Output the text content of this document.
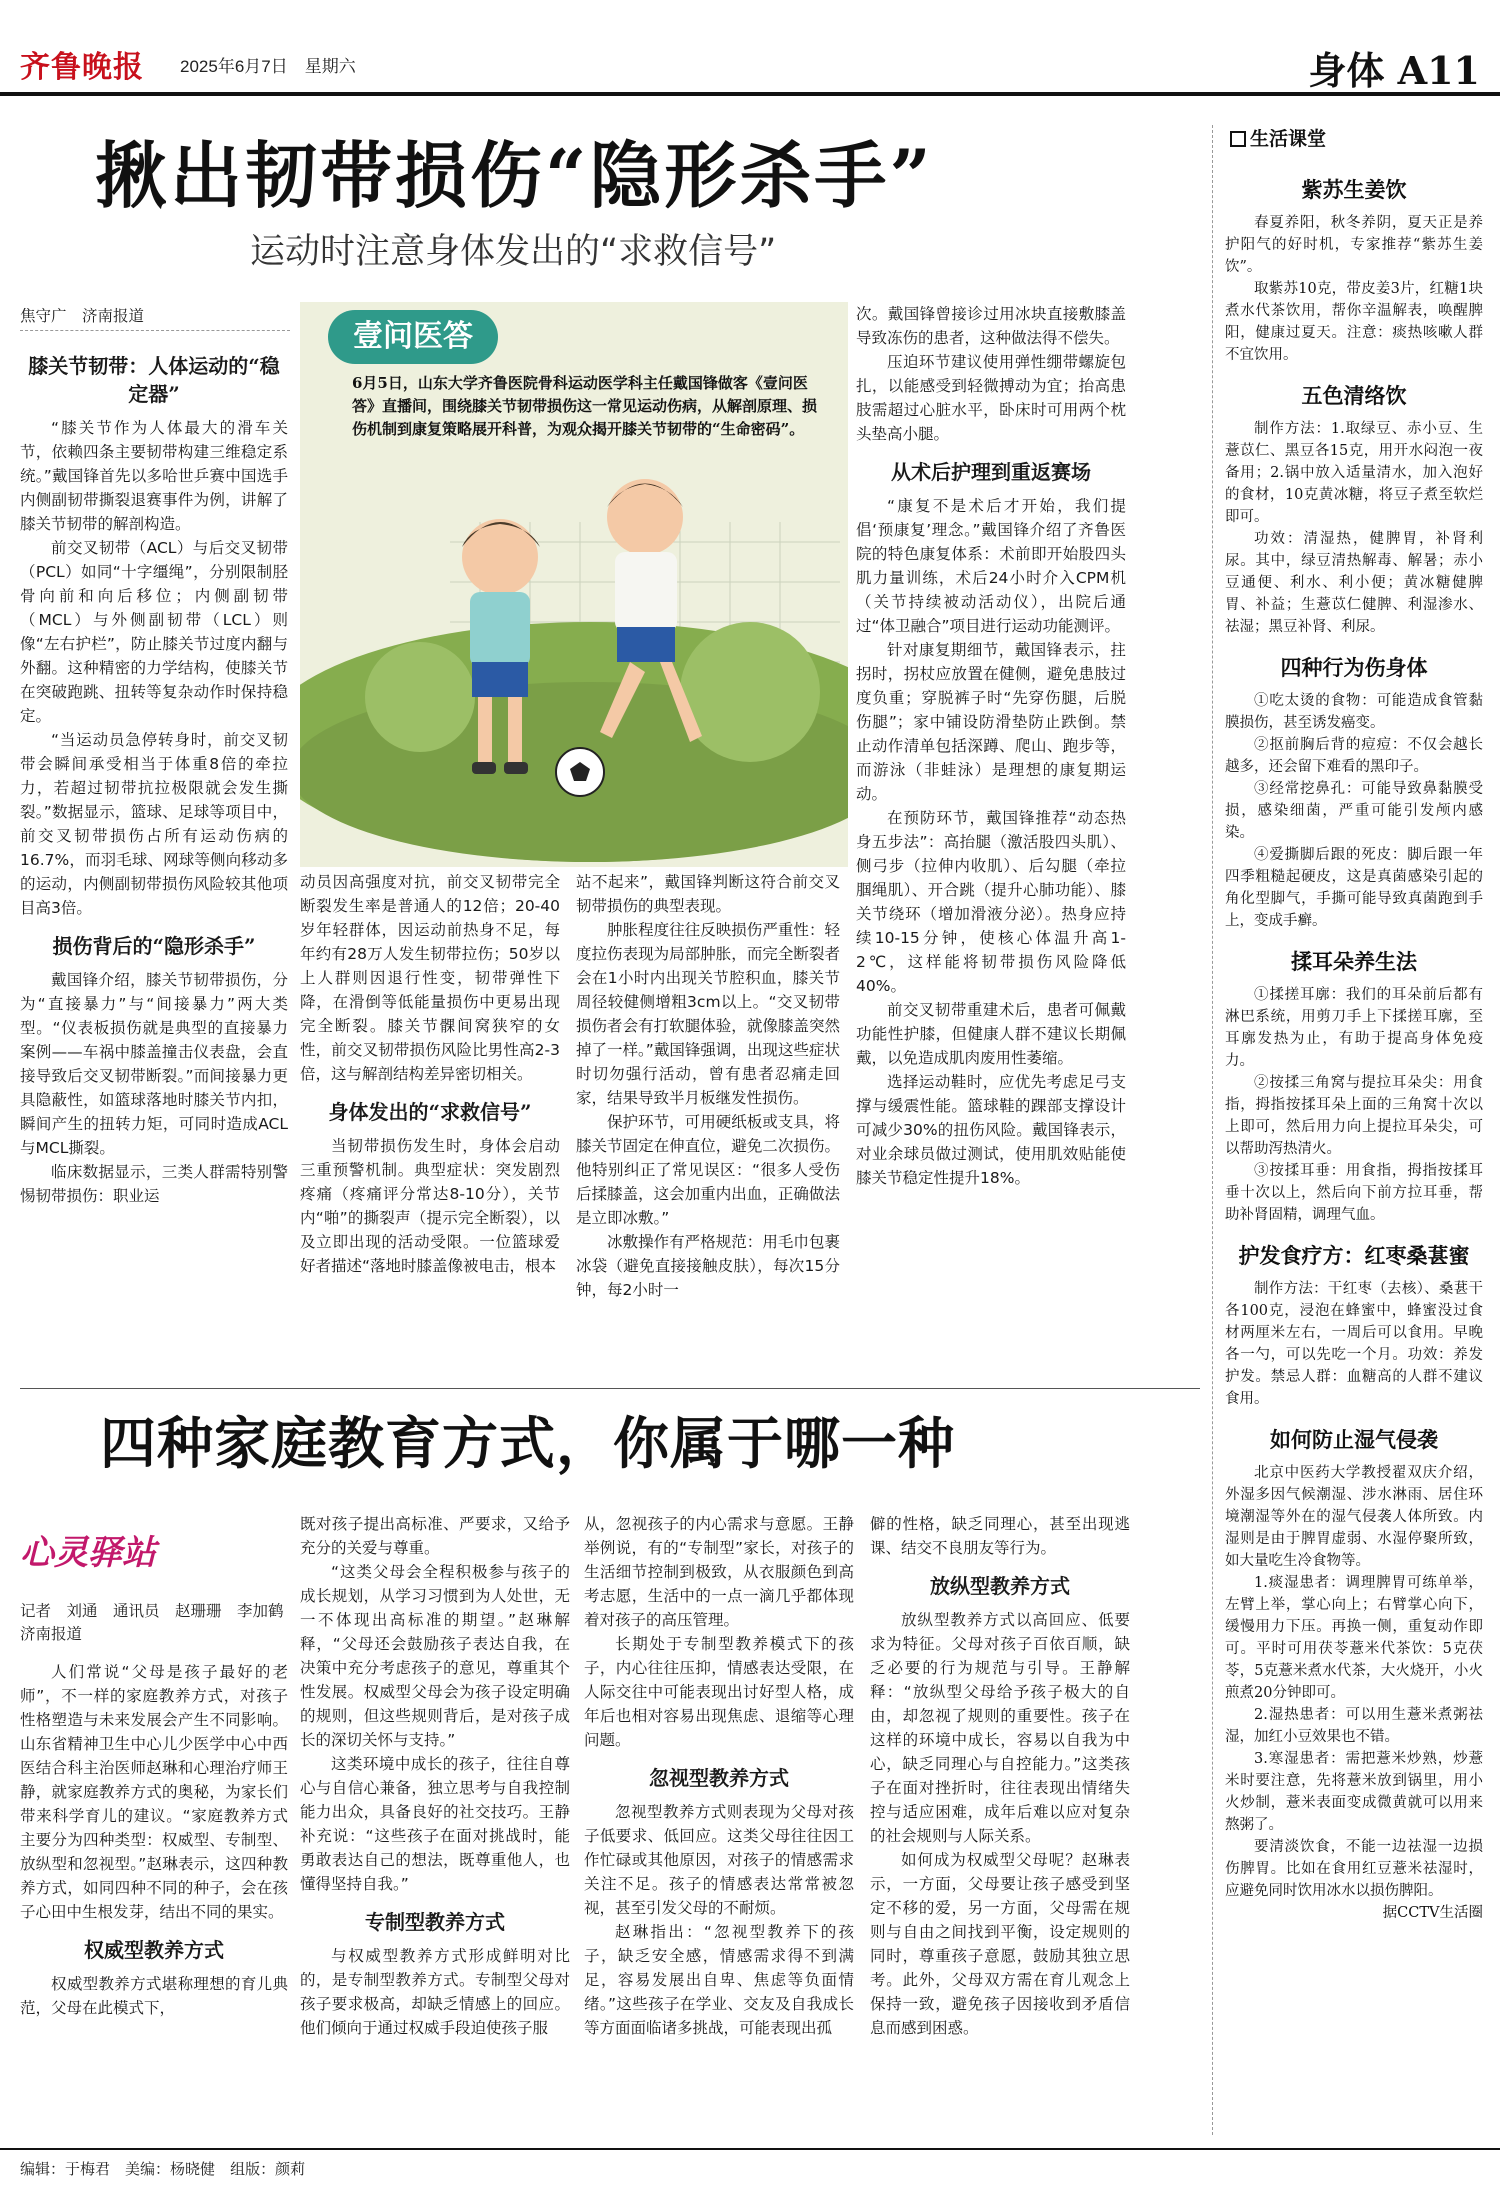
齐鲁晚报 2025年6月7日　 星期六	身体 A11
揪出韧带损伤“隐形杀手”
运动时注意身体发出的“求救信号”
焦守广　济南报道
膝关节韧带：人体运动的“稳定器”

“膝关节作为人体最大的滑车关节，依赖四条主要韧带构建三维稳定系统。”戴国锋首先以多哈世乒赛中国选手内侧副韧带撕裂退赛事件为例，讲解了膝关节韧带的解剖构造。

前交叉韧带（ACL）与后交叉韧带（PCL）如同“十字缰绳”，分别限制胫骨向前和向后移位；内侧副韧带（MCL）与外侧副韧带（LCL）则像“左右护栏”，防止膝关节过度内翻与外翻。这种精密的力学结构，使膝关节在突破跑跳、扭转等复杂动作时保持稳定。

“当运动员急停转身时，前交叉韧带会瞬间承受相当于体重8倍的牵拉力，若超过韧带抗拉极限就会发生撕裂。”数据显示，篮球、足球等项目中，前交叉韧带损伤占所有运动伤病的16.7%，而羽毛球、网球等侧向移动多的运动，内侧副韧带损伤风险较其他项目高3倍。

损伤背后的“隐形杀手”

戴国锋介绍，膝关节韧带损伤，分为“直接暴力”与“间接暴力”两大类型。“仪表板损伤就是典型的直接暴力案例——车祸中膝盖撞击仪表盘，会直接导致后交叉韧带断裂。”而间接暴力更具隐蔽性，如篮球落地时膝关节内扣，瞬间产生的扭转力矩，可同时造成ACL与MCL撕裂。

临床数据显示，三类人群需特别警惕韧带损伤：职业运

壹问医答
6月5日，山东大学齐鲁医院骨科运动医学科主任戴国锋做客《壹问医答》直播间，围绕膝关节韧带损伤这一常见运动伤病，从解剖原理、损伤机制到康复策略展开科普，为观众揭开膝关节韧带的“生命密码”。

动员因高强度对抗，前交叉韧带完全断裂发生率是普通人的12倍；20-40岁年轻群体，因运动前热身不足，每年约有28万人发生韧带拉伤；50岁以上人群则因退行性变，韧带弹性下降，在滑倒等低能量损伤中更易出现完全断裂。膝关节髁间窝狭窄的女性，前交叉韧带损伤风险比男性高2-3倍，这与解剖结构差异密切相关。

身体发出的“求救信号”

当韧带损伤发生时，身体会启动三重预警机制。典型症状：突发剧烈疼痛（疼痛评分常达8-10分），关节内“啪”的撕裂声（提示完全断裂），以及立即出现的活动受限。一位篮球爱好者描述“落地时膝盖像被电击，根本

站不起来”，戴国锋判断这符合前交叉韧带损伤的典型表现。

肿胀程度往往反映损伤严重性：轻度拉伤表现为局部肿胀，而完全断裂者会在1小时内出现关节腔积血，膝关节周径较健侧增粗3cm以上。“交叉韧带损伤者会有打软腿体验，就像膝盖突然掉了一样。”戴国锋强调，出现这些症状时切勿强行活动，曾有患者忍痛走回家，结果导致半月板继发性损伤。

保护环节，可用硬纸板或支具，将膝关节固定在伸直位，避免二次损伤。他特别纠正了常见误区：“很多人受伤后揉膝盖，这会加重内出血，正确做法是立即冰敷。”

冰敷操作有严格规范：用毛巾包裹冰袋（避免直接接触皮肤），每次15分钟，每2小时一

次。戴国锋曾接诊过用冰块直接敷膝盖导致冻伤的患者，这种做法得不偿失。

压迫环节建议使用弹性绷带螺旋包扎，以能感受到轻微搏动为宜；抬高患肢需超过心脏水平，卧床时可用两个枕头垫高小腿。

从术后护理到重返赛场

“康复不是术后才开始，我们提倡‘预康复’理念。”戴国锋介绍了齐鲁医院的特色康复体系：术前即开始股四头肌力量训练，术后24小时介入CPM机（关节持续被动活动仪），出院后通过“体卫融合”项目进行运动功能测评。

针对康复期细节，戴国锋表示，拄拐时，拐杖应放置在健侧，避免患肢过度负重；穿脱裤子时“先穿伤腿，后脱伤腿”；家中铺设防滑垫防止跌倒。禁止动作清单包括深蹲、爬山、跑步等，而游泳（非蛙泳）是理想的康复期运动。

在预防环节，戴国锋推荐“动态热身五步法”：高抬腿（激活股四头肌）、侧弓步（拉伸内收肌）、后勾腿（牵拉腘绳肌）、开合跳（提升心肺功能）、膝关节绕环（增加滑液分泌）。热身应持续10-15分钟，使核心体温升高1-2℃，这样能将韧带损伤风险降低40%。

前交叉韧带重建术后，患者可佩戴功能性护膝，但健康人群不建议长期佩戴，以免造成肌肉废用性萎缩。

选择运动鞋时，应优先考虑足弓支撑与缓震性能。篮球鞋的踝部支撑设计可减少30%的扭伤风险。戴国锋表示，对业余球员做过测试，使用肌效贴能使膝关节稳定性提升18%。

四种家庭教育方式，你属于哪一种
心灵驿站
记者　刘通　通讯员　赵珊珊　李加鹤　济南报道

人们常说“父母是孩子最好的老师”，不一样的家庭教养方式，对孩子性格塑造与未来发展会产生不同影响。山东省精神卫生中心儿少医学中心中西医结合科主治医师赵琳和心理治疗师王静，就家庭教养方式的奥秘，为家长们带来科学育儿的建议。“家庭教养方式主要分为四种类型：权威型、专制型、放纵型和忽视型。”赵琳表示，这四种教养方式，如同四种不同的种子，会在孩子心田中生根发芽，结出不同的果实。

权威型教养方式

权威型教养方式堪称理想的育儿典范，父母在此模式下，

既对孩子提出高标准、严要求，又给予充分的关爱与尊重。

“这类父母会全程积极参与孩子的成长规划，从学习习惯到为人处世，无一不体现出高标准的期望。”赵琳解释，“父母还会鼓励孩子表达自我，在决策中充分考虑孩子的意见，尊重其个性发展。权威型父母会为孩子设定明确的规则，但这些规则背后，是对孩子成长的深切关怀与支持。”

这类环境中成长的孩子，往往自尊心与自信心兼备，独立思考与自我控制能力出众，具备良好的社交技巧。王静补充说：“这些孩子在面对挑战时，能勇敢表达自己的想法，既尊重他人，也懂得坚持自我。”

专制型教养方式

与权威型教养方式形成鲜明对比的，是专制型教养方式。专制型父母对孩子要求极高，却缺乏情感上的回应。他们倾向于通过权威手段迫使孩子服

从，忽视孩子的内心需求与意愿。王静举例说，有的“专制型”家长，对孩子的生活细节控制到极致，从衣服颜色到高考志愿，生活中的一点一滴几乎都体现着对孩子的高压管理。

长期处于专制型教养模式下的孩子，内心往往压抑，情感表达受限，在人际交往中可能表现出讨好型人格，成年后也相对容易出现焦虑、退缩等心理问题。

忽视型教养方式

忽视型教养方式则表现为父母对孩子低要求、低回应。这类父母往往因工作忙碌或其他原因，对孩子的情感需求关注不足。孩子的情感表达常常被忽视，甚至引发父母的不耐烦。

赵琳指出：“忽视型教养下的孩子，缺乏安全感，情感需求得不到满足，容易发展出自卑、焦虑等负面情绪。”这些孩子在学业、交友及自我成长等方面面临诸多挑战，可能表现出孤

僻的性格，缺乏同理心，甚至出现逃课、结交不良朋友等行为。

放纵型教养方式

放纵型教养方式以高回应、低要求为特征。父母对孩子百依百顺，缺乏必要的行为规范与引导。王静解释：“放纵型父母给予孩子极大的自由，却忽视了规则的重要性。孩子在这样的环境中成长，容易以自我为中心，缺乏同理心与自控能力。”这类孩子在面对挫折时，往往表现出情绪失控与适应困难，成年后难以应对复杂的社会规则与人际关系。

如何成为权威型父母呢？赵琳表示，一方面，父母要让孩子感受到坚定不移的爱，另一方面，父母需在规则与自由之间找到平衡，设定规则的同时，尊重孩子意愿，鼓励其独立思考。此外，父母双方需在育儿观念上保持一致，避免孩子因接收到矛盾信息而感到困惑。

生活课堂
紫苏生姜饮

春夏养阳，秋冬养阴，夏天正是养护阳气的好时机，专家推荐“紫苏生姜饮”。

取紫苏10克，带皮姜3片，红糖1块煮水代茶饮用，帮你辛温解表，唤醒脾阳，健康过夏天。注意：痰热咳嗽人群不宜饮用。

五色清络饮

制作方法：1.取绿豆、赤小豆、生薏苡仁、黑豆各15克，用开水闷泡一夜备用；2.锅中放入适量清水，加入泡好的食材，10克黄冰糖，将豆子煮至软烂即可。

功效：清湿热，健脾胃，补肾利尿。其中，绿豆清热解毒、解暑；赤小豆通便、利水、利小便；黄冰糖健脾胃、补益；生薏苡仁健脾、利湿渗水、祛湿；黑豆补肾、利尿。

四种行为伤身体

①吃太烫的食物：可能造成食管黏膜损伤，甚至诱发癌变。

②抠前胸后背的痘痘：不仅会越长越多，还会留下难看的黑印子。

③经常挖鼻孔：可能导致鼻黏膜受损，感染细菌，严重可能引发颅内感染。

④爱撕脚后跟的死皮：脚后跟一年四季粗糙起硬皮，这是真菌感染引起的角化型脚气，手撕可能导致真菌跑到手上，变成手癣。

揉耳朵养生法

①揉搓耳廓：我们的耳朵前后都有淋巴系统，用剪刀手上下揉搓耳廓，至耳廓发热为止，有助于提高身体免疫力。

②按揉三角窝与提拉耳朵尖：用食指，拇指按揉耳朵上面的三角窝十次以上即可，然后用力向上提拉耳朵尖，可以帮助泻热清火。

③按揉耳垂：用食指，拇指按揉耳垂十次以上，然后向下前方拉耳垂，帮助补肾固精，调理气血。

护发食疗方：红枣桑葚蜜

制作方法：干红枣（去核）、桑葚干各100克，浸泡在蜂蜜中，蜂蜜没过食材两厘米左右，一周后可以食用。早晚各一勺，可以先吃一个月。功效：养发护发。禁忌人群：血糖高的人群不建议食用。

如何防止湿气侵袭

北京中医药大学教授翟双庆介绍，外湿多因气候潮湿、涉水淋雨、居住环境潮湿等外在的湿气侵袭人体所致。内湿则是由于脾胃虚弱、水湿停聚所致，如大量吃生冷食物等。

1.痰湿患者：调理脾胃可练单举，左臂上举，掌心向上；右臂掌心向下，缓慢用力下压。再换一侧，重复动作即可。平时可用茯苓薏米代茶饮：5克茯苓，5克薏米煮水代茶，大火烧开，小火煎煮20分钟即可。

2.湿热患者：可以用生薏米煮粥祛湿，加红小豆效果也不错。

3.寒湿患者：需把薏米炒熟，炒薏米时要注意，先将薏米放到锅里，用小火炒制，薏米表面变成微黄就可以用来熬粥了。

要清淡饮食，不能一边祛湿一边损伤脾胃。比如在食用红豆薏米祛湿时，应避免同时饮用冰水以损伤脾阳。

据CCTV生活圈

编辑：于梅君　 美编：杨晓健　 组版：颜莉
